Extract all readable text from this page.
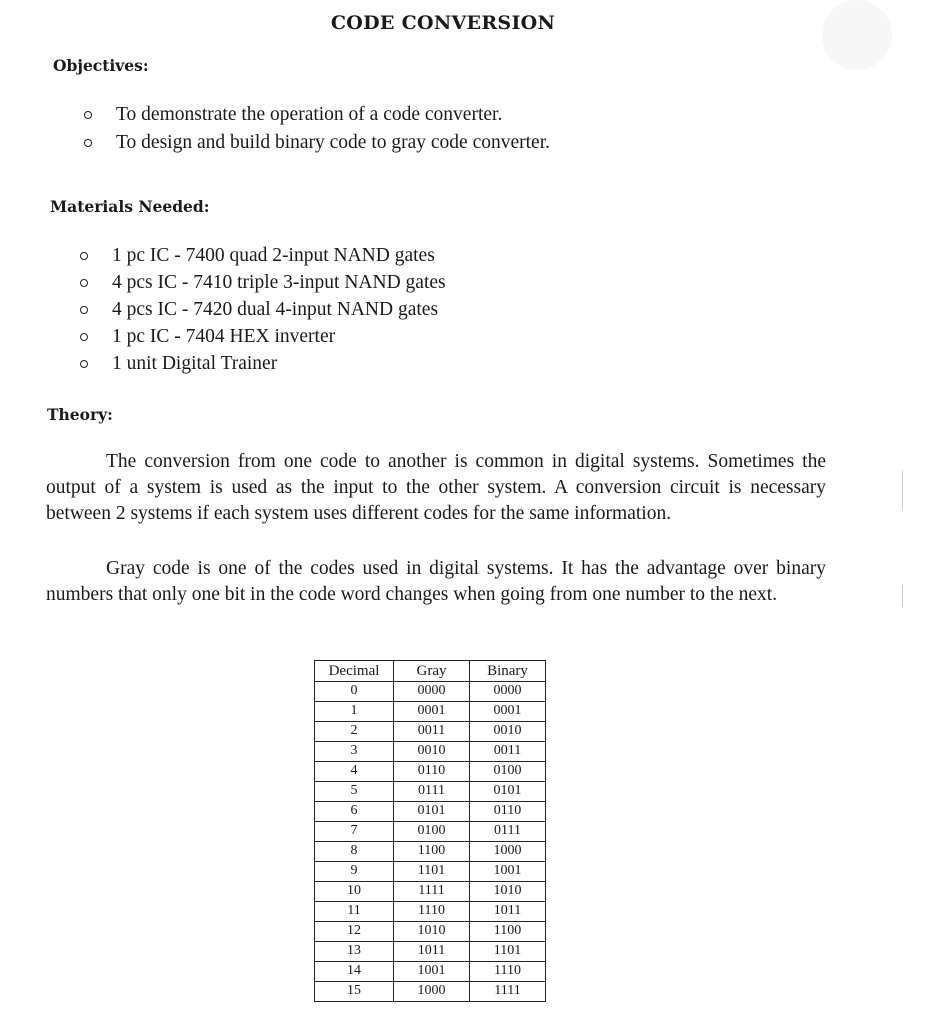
CODE CONVERSION
Objectives:
To demonstrate the operation of a code converter.
To design and build binary code to gray code converter.
Materials Needed:
1 pc IC - 7400 quad 2-input NAND gates
4 pcs IC - 7410 triple 3-input NAND gates
4 pcs IC - 7420 dual 4-input NAND gates
1 pc IC - 7404 HEX inverter
1 unit Digital Trainer
Theory:

The conversion from one code to another is common in digital systems. Sometimes the output of a system is used as the input to the other system. A conversion circuit is necessary between 2 systems if each system uses different codes for the same information.

Gray code is one of the codes used in digital systems. It has the advantage over binary numbers that only one bit in the code word changes when going from one number to the next.

Decimal	Gray	Binary
0	0000	0000
1	0001	0001
2	0011	0010
3	0010	0011
4	0110	0100
5	0111	0101
6	0101	0110
7	0100	0111
8	1100	1000
9	1101	1001
10	1111	1010
11	1110	1011
12	1010	1100
13	1011	1101
14	1001	1110
15	1000	1111
